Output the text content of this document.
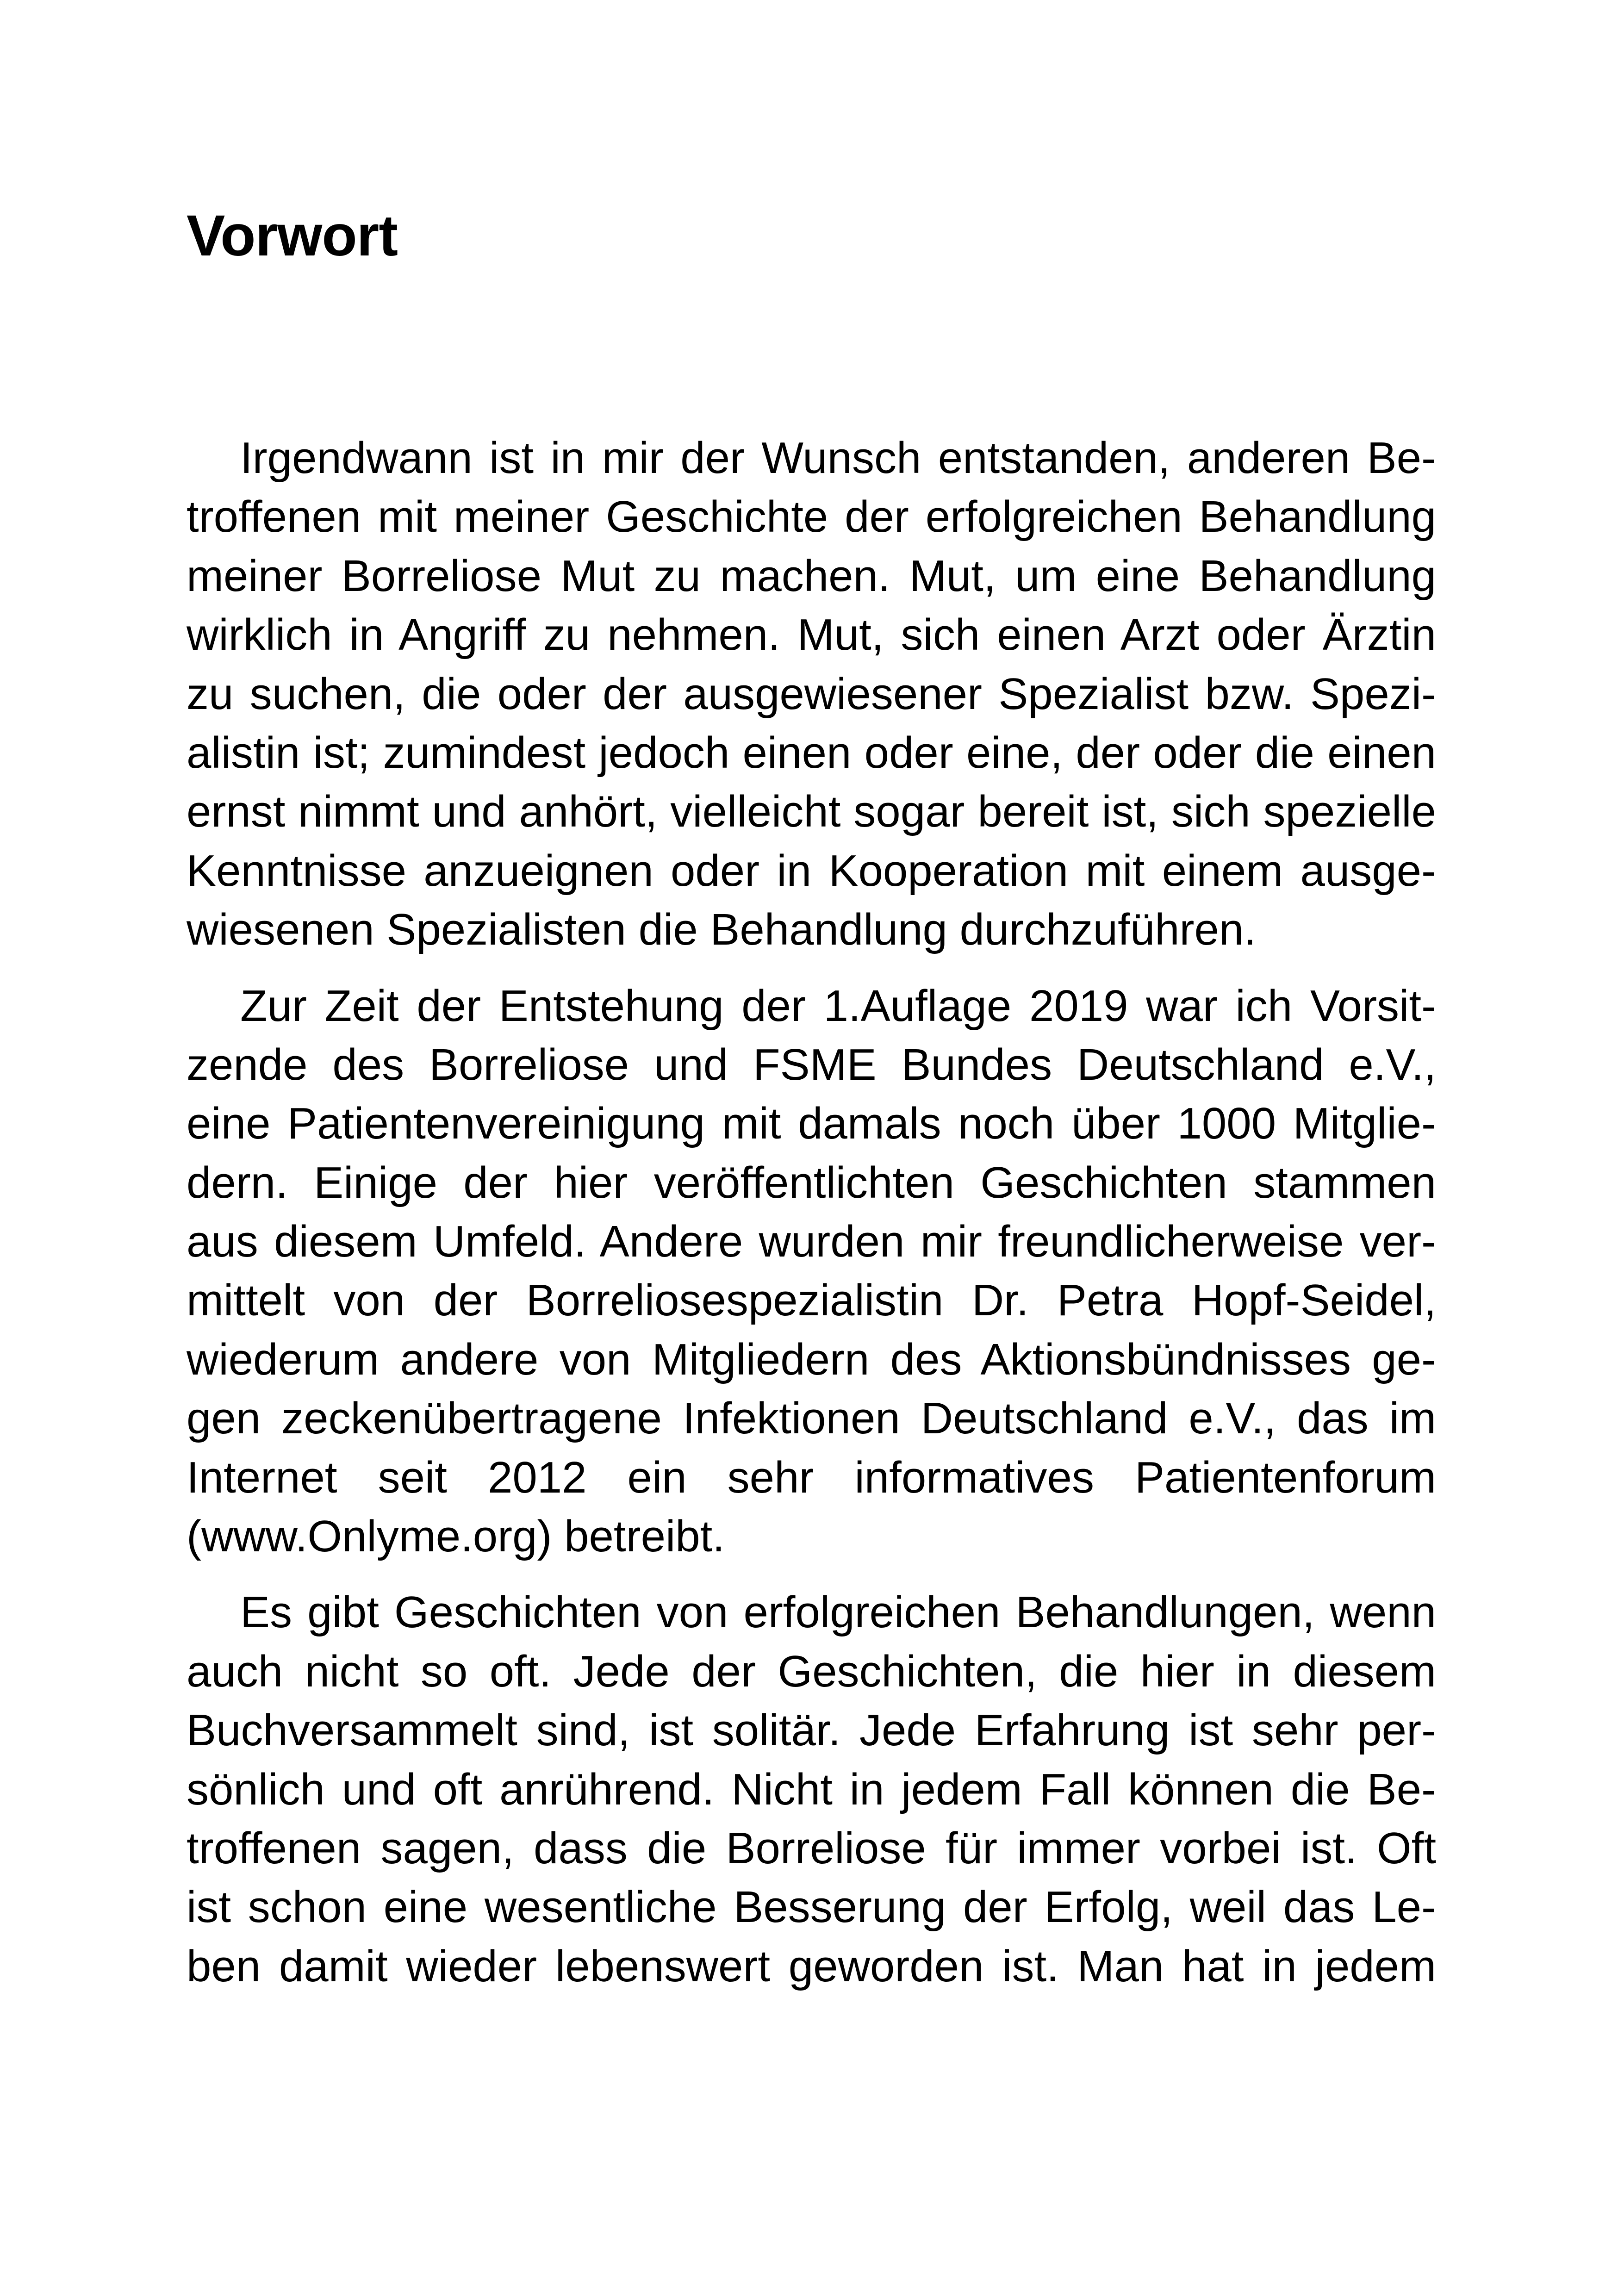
Vorwort

Irgendwann ist in mir der Wunsch entstanden, anderen Be-
troffenen mit meiner Geschichte der erfolgreichen Behandlung
meiner Borreliose Mut zu machen. Mut, um eine Behandlung
wirklich in Angriff zu nehmen. Mut, sich einen Arzt oder Ärztin
zu suchen, die oder der ausgewiesener Spezialist bzw. Spezi-
alistin ist; zumindest jedoch einen oder eine, der oder die einen
ernst nimmt und anhört, vielleicht sogar bereit ist, sich spezielle
Kenntnisse anzueignen oder in Kooperation mit einem ausge-
wiesenen Spezialisten die Behandlung durchzuführen.

Zur Zeit der Entstehung der 1.Auflage 2019 war ich Vorsit-
zende des Borreliose und FSME Bundes Deutschland e.V.,
eine Patientenvereinigung mit damals noch über 1000 Mitglie-
dern. Einige der hier veröffentlichten Geschichten stammen
aus diesem Umfeld. Andere wurden mir freundlicherweise ver-
mittelt von der Borreliosespezialistin Dr. Petra Hopf-Seidel,
wiederum andere von Mitgliedern des Aktionsbündnisses ge-
gen zeckenübertragene Infektionen Deutschland e.V., das im
Internet seit 2012 ein sehr informatives Patientenforum
(www.Onlyme.org) betreibt.

Es gibt Geschichten von erfolgreichen Behandlungen, wenn
auch nicht so oft. Jede der Geschichten, die hier in diesem
Buchversammelt sind, ist solitär. Jede Erfahrung ist sehr per-
sönlich und oft anrührend. Nicht in jedem Fall können die Be-
troffenen sagen, dass die Borreliose für immer vorbei ist. Oft
ist schon eine wesentliche Besserung der Erfolg, weil das Le-
ben damit wieder lebenswert geworden ist. Man hat in jedem
